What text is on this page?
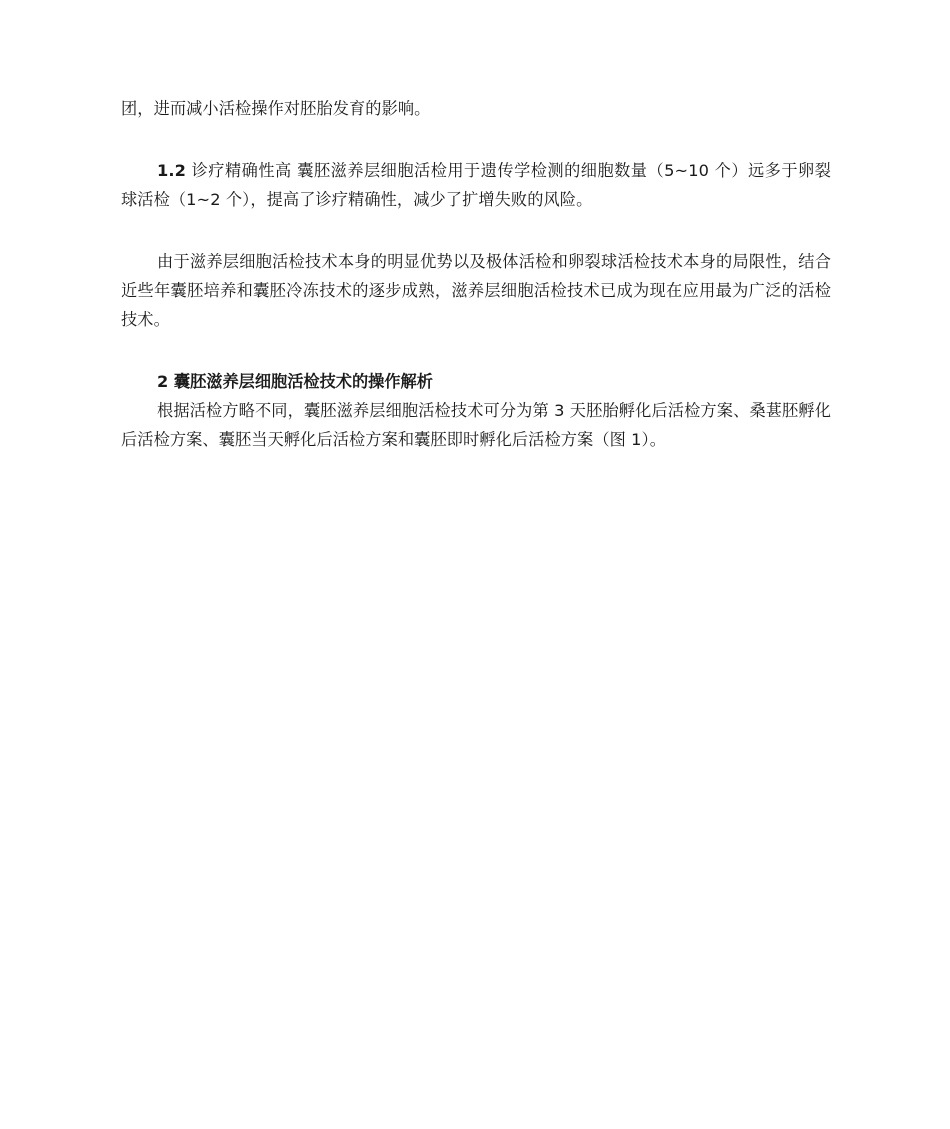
团，进而减小活检操作对胚胎发育的影响。

1.2 诊疗精确性高 囊胚滋养层细胞活检用于遗传学检测的细胞数量（5~10 个）远多于卵裂球活检（1~2 个），提高了诊疗精确性，减少了扩增失败的风险。

由于滋养层细胞活检技术本身的明显优势以及极体活检和卵裂球活检技术本身的局限性，结合近些年囊胚培养和囊胚冷冻技术的逐步成熟，滋养层细胞活检技术已成为现在应用最为广泛的活检技术。

2 囊胚滋养层细胞活检技术的操作解析

根据活检方略不同，囊胚滋养层细胞活检技术可分为第 3 天胚胎孵化后活检方案、桑葚胚孵化后活检方案、囊胚当天孵化后活检方案和囊胚即时孵化后活检方案（图 1）。
